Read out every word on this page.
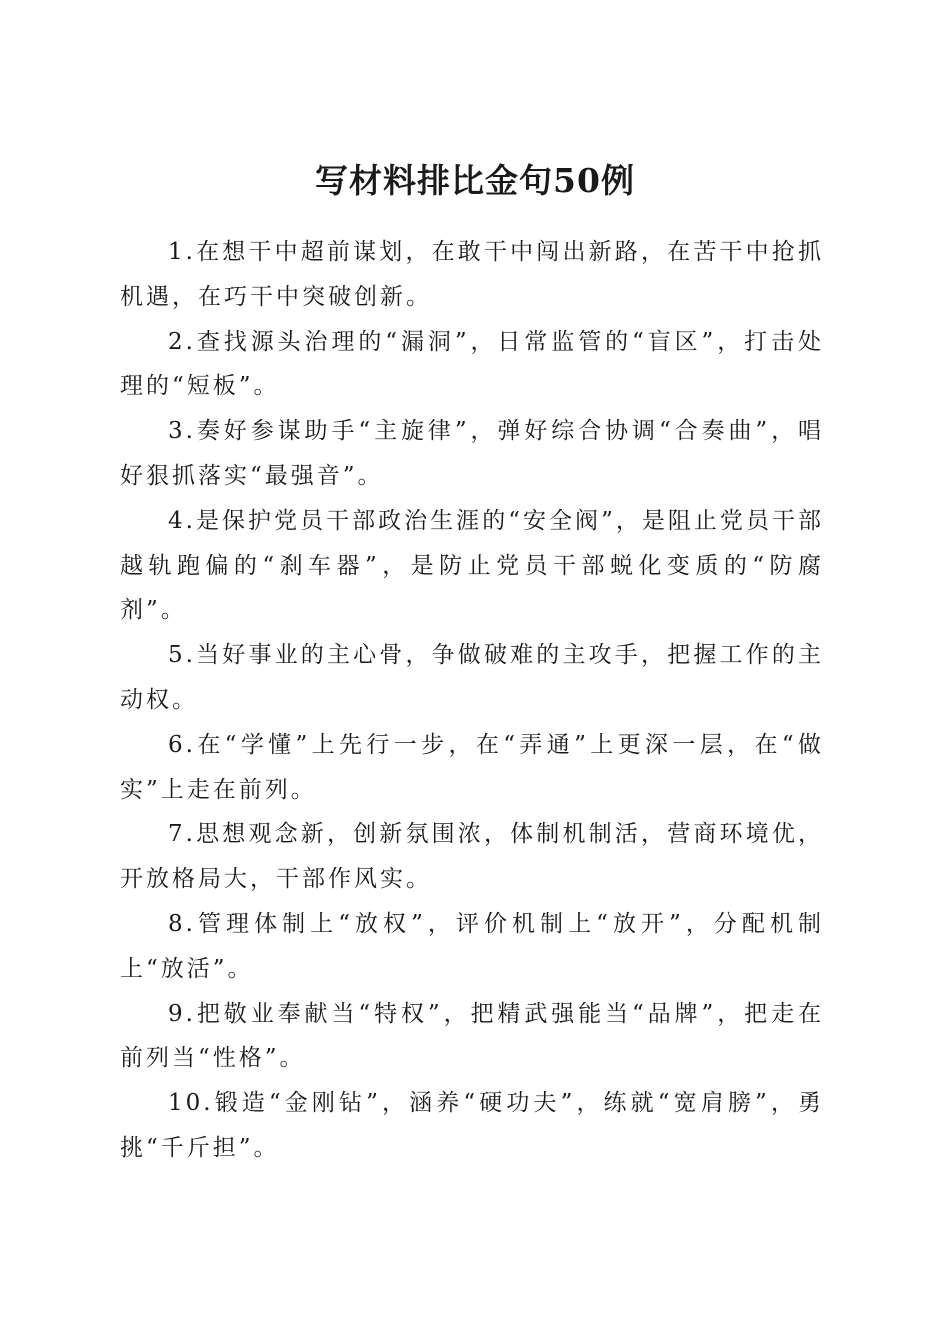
写材料排比金句50例

1.在想干中超前谋划，在敢干中闯出新路，在苦干中抢抓机遇，在巧干中突破创新。

2.查找源头治理的“漏洞”，日常监管的“盲区”，打击处理的“短板”。

3.奏好参谋助手“主旋律”，弹好综合协调“合奏曲”，唱好狠抓落实“最强音”。

4.是保护党员干部政治生涯的“安全阀”，是阻止党员干部越轨跑偏的“刹车器”，是防止党员干部蜕化变质的“防腐剂”。

5.当好事业的主心骨，争做破难的主攻手，把握工作的主动权。

6.在“学懂”上先行一步，在“弄通”上更深一层，在“做实”上走在前列。

7.思想观念新，创新氛围浓，体制机制活，营商环境优，开放格局大，干部作风实。

8.管理体制上“放权”，评价机制上“放开”，分配机制上“放活”。

9.把敬业奉献当“特权”，把精武强能当“品牌”，把走在前列当“性格”。

10.锻造“金刚钻”，涵养“硬功夫”，练就“宽肩膀”，勇挑“千斤担”。
